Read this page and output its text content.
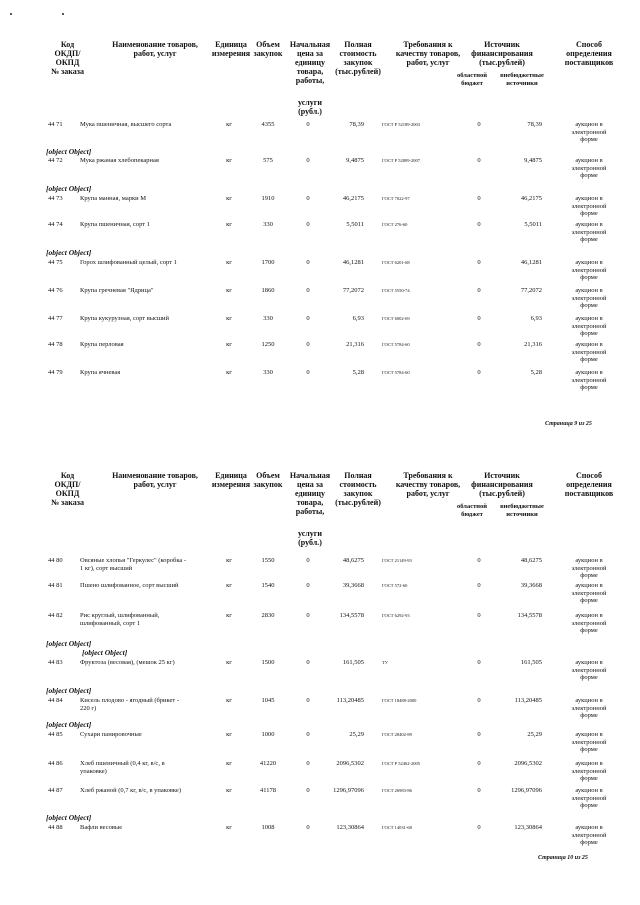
Код
ОКДП/
ОКПД
№ заказа
Наименование товаров,
работ, услуг
Единица
измерения
Объем
закупок
Начальная
цена за
единицу
товара,
работы,
услуги
(рубл.)
Полная
стоимость
закупок
(тыс.рублей)
Требования к
качеству товаров,
работ, услуг
Источник
финансирования
(тыс.рублей)
областной
бюджет
внебюджетные
источники
Способ
определения
поставщиков
44 71	Мука пшеничная, высшего сорта	кг	4355	0	78,39	ГОСТ Р 52189-2003	0	78,39	аукцион в
электронной
форме
44 72	Мука ржаная хлебопекарная	кг	575	0	9,4875	ГОСТ Р 52809-2007	0	9,4875	аукцион в
электронной
форме
44 73	Крупа манная, марки М	кг	1910	0	46,2175	ГОСТ 7022-97	0	46,2175	аукцион в
электронной
форме
44 74	Крупа пшеничная, сорт 1	кг	330	0	5,5011	ГОСТ 276-60	0	5,5011	аукцион в
электронной
форме
44 75	Горох шлифованный целый, сорт 1	кг	1700	0	46,1281	ГОСТ 6201-68	0	46,1281	аукцион в
электронной
форме
44 76	Крупа гречневая "Ядрица"	кг	1860	0	77,2072	ГОСТ 5550-74	0	77,2072	аукцион в
электронной
форме
44 77	Крупа кукурузная, сорт высший	кг	330	0	6,93	ГОСТ 6002-69	0	6,93	аукцион в
электронной
форме
44 78	Крупа перловая	кг	1250	0	21,316	ГОСТ 5784-60	0	21,316	аукцион в
электронной
форме
44 79	Крупа ячневая	кг	330	0	5,28	ГОСТ 5784-60	0	5,28	аукцион в
электронной
форме
[object Object]
[object Object]
[object Object]
Страница 9 из 25
Код
ОКДП/
ОКПД
№ заказа
Наименование товаров,
работ, услуг
Единица
измерения
Объем
закупок
Начальная
цена за
единицу
товара,
работы,
услуги
(рубл.)
Полная
стоимость
закупок
(тыс.рублей)
Требования к
качеству товаров,
работ, услуг
Источник
финансирования
(тыс.рублей)
областной
бюджет
внебюджетные
источники
Способ
определения
поставщиков
44 80	Овсяные хлопья "Геркулес" (коробка -
1 кг), сорт высший
кг	1550	0	48,6275	ГОСТ 21149-93	0	48,6275	аукцион в
электронной
форме
44 81	Пшено шлифованное, сорт высший	кг	1540	0	39,3668	ГОСТ 572-60	0	39,3668	аукцион в
электронной
форме
44 82	Рис круглый, шлифованный,
шлифованный, сорт 1
кг	2830	0	134,5578	ГОСТ 6292-93	0	134,5578	аукцион в
электронной
форме
44 83	Фруктоза (весовая), (мешок 25 кг)	кг	1500	0	161,505	ТУ	0	161,505	аукцион в
электронной
форме
44 84	Кисель плодово - ягодный (брикет -
220 г)
кг	1045	0	113,20485	ГОСТ 18488-2000	0	113,20485	аукцион в
электронной
форме
44 85	Сухари панировочные	кг	1000	0	25,29	ГОСТ 28402-89	0	25,29	аукцион в
электронной
форме
44 86	Хлеб пшеничный (0,4 кг, в/с, в
упаковке)
кг	41220	0	2096,5302	ГОСТ Р 52462-2005	0	2096,5302	аукцион в
электронной
форме
44 87	Хлеб ржаной (0,7 кг, в/с, в упаковке)	кг	41178	0	1296,97096	ГОСТ 26983-86	0	1296,97096	аукцион в
электронной
форме
44 88	Вафли весовые	кг	1008	0	123,30864	ГОСТ 14031-68	0	123,30864	аукцион в
электронной
форме
[object Object]
[object Object]
[object Object]
[object Object]
[object Object]
Страница 10 из 25
